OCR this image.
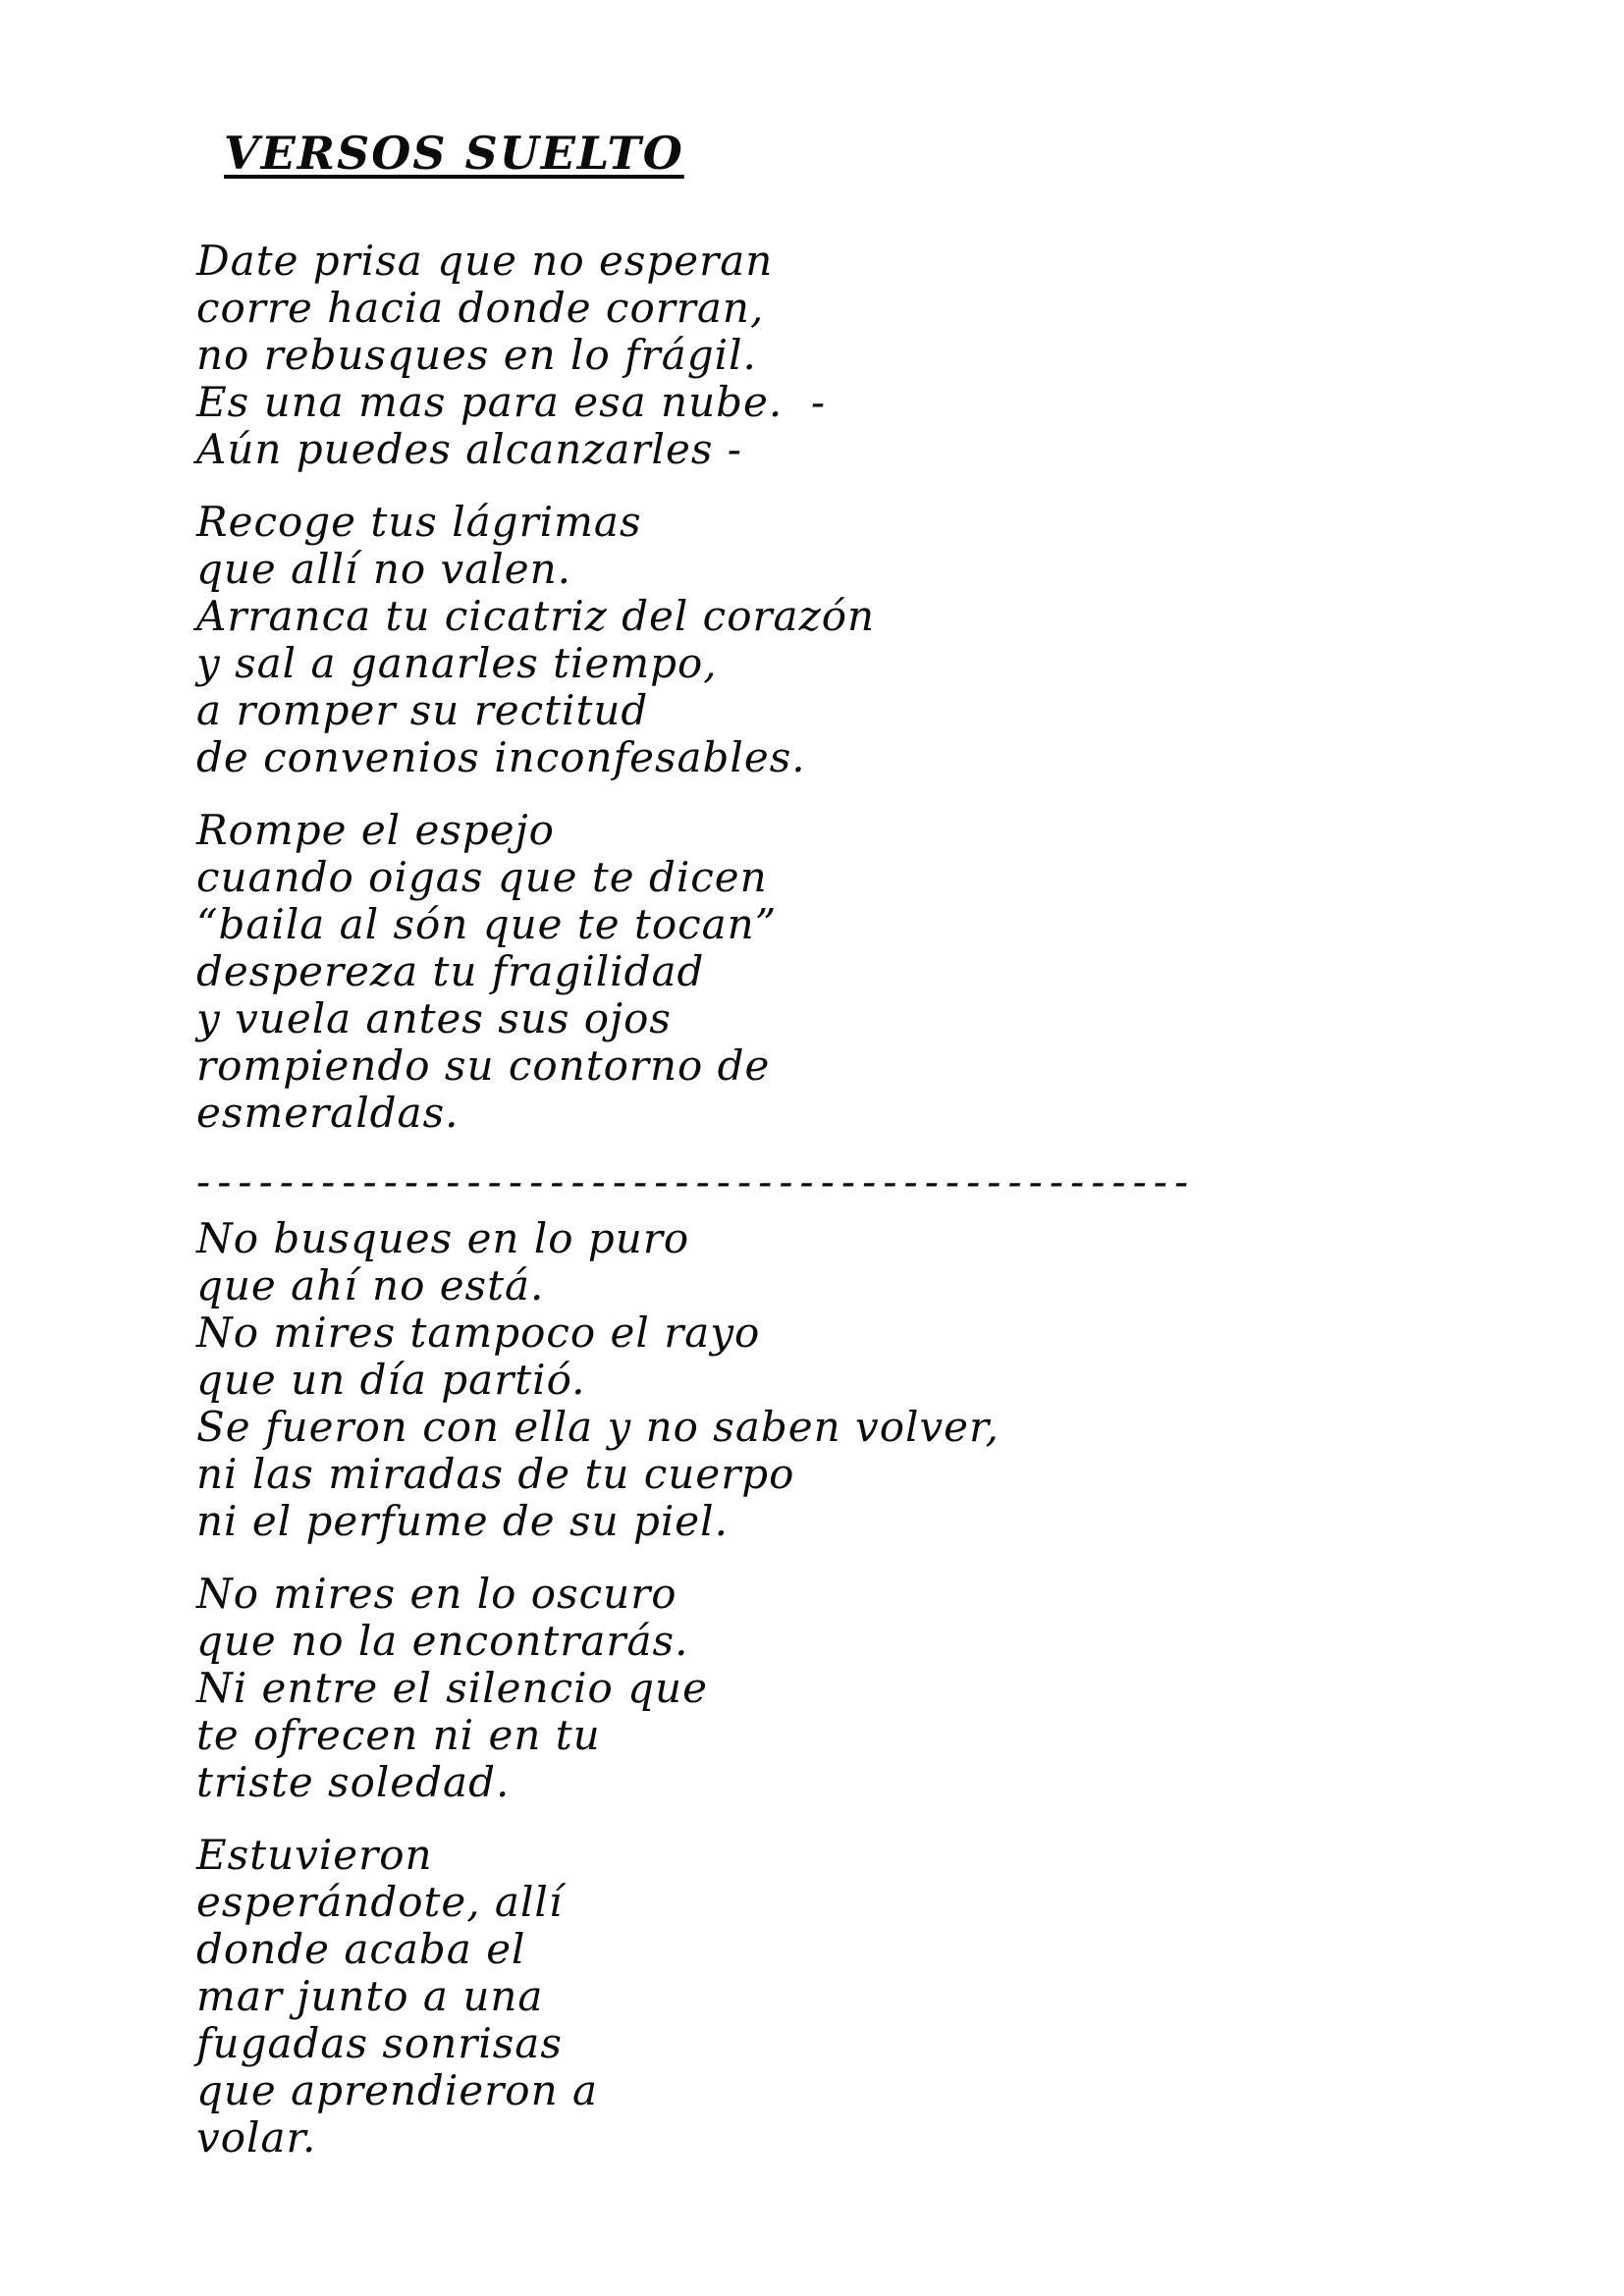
VERSOS SUELTO
Date prisa que no esperan
corre hacia donde corran,
no rebusques en lo frágil.
Es una mas para esa nube.  -
Aún puedes alcanzarles -
Recoge tus lágrimas
que allí no valen.
Arranca tu cicatriz del corazón
y sal a ganarles tiempo,
a romper su rectitud
de convenios inconfesables.
Rompe el espejo
cuando oigas que te dicen
“baila al són que te tocan”
despereza tu fragilidad
y vuela antes sus ojos
rompiendo su contorno de
esmeraldas.
------------------------------------------------
No busques en lo puro
que ahí no está.
No mires tampoco el rayo
que un día partió.
Se fueron con ella y no saben volver,
ni las miradas de tu cuerpo
ni el perfume de su piel.
No mires en lo oscuro
que no la encontrarás.
Ni entre el silencio que
te ofrecen ni en tu
triste soledad.
Estuvieron
esperándote, allí
donde acaba el
mar junto a una
fugadas sonrisas
que aprendieron a
volar.
